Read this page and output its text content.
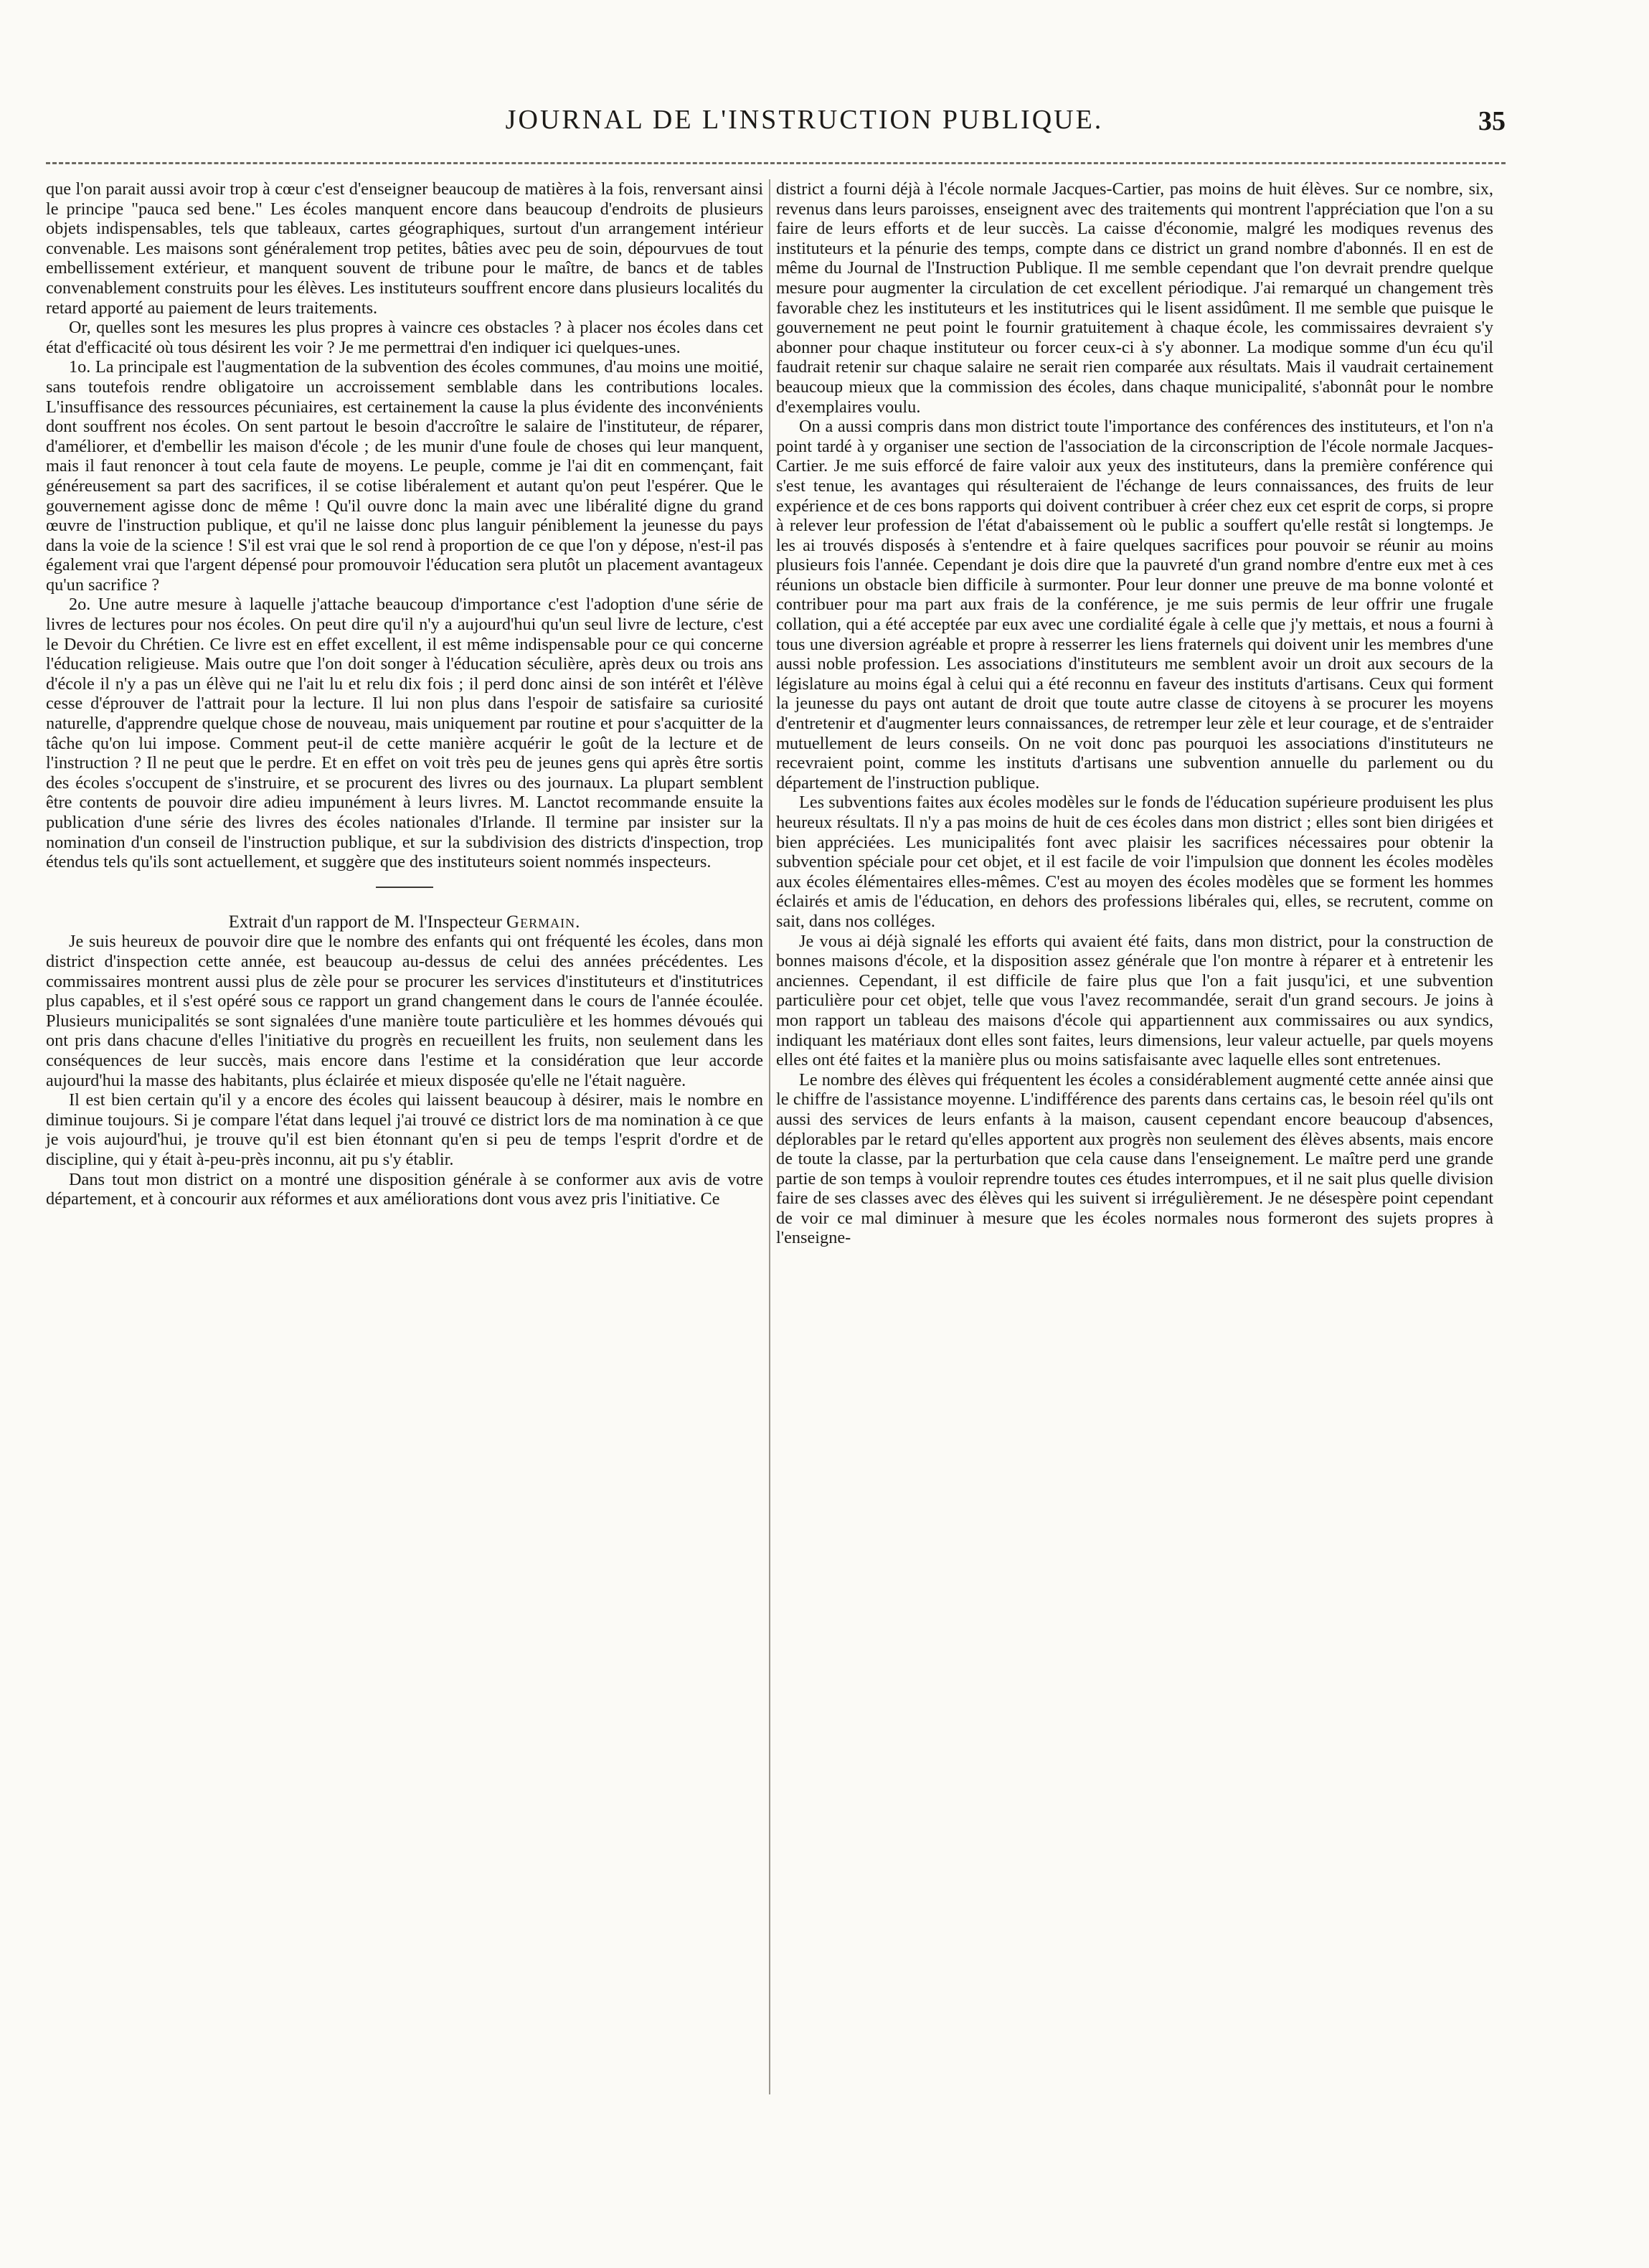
JOURNAL DE L'INSTRUCTION PUBLIQUE.	35

que l'on parait aussi avoir trop à cœur c'est d'enseigner beaucoup de matières à la fois, renversant ainsi le principe "pauca sed bene." Les écoles manquent encore dans beaucoup d'endroits de plusieurs objets indispensables, tels que tableaux, cartes géographiques, surtout d'un arrangement intérieur convenable. Les maisons sont généralement trop petites, bâties avec peu de soin, dépourvues de tout embellissement extérieur, et manquent souvent de tribune pour le maître, de bancs et de tables convenablement construits pour les élèves. Les instituteurs souffrent encore dans plusieurs localités du retard apporté au paiement de leurs traitements.

Or, quelles sont les mesures les plus propres à vaincre ces obstacles ? à placer nos écoles dans cet état d'efficacité où tous désirent les voir ? Je me permettrai d'en indiquer ici quelques-unes.

1o. La principale est l'augmentation de la subvention des écoles communes, d'au moins une moitié, sans toutefois rendre obligatoire un accroissement semblable dans les contributions locales. L'insuffisance des ressources pécuniaires, est certainement la cause la plus évidente des inconvénients dont souffrent nos écoles. On sent partout le besoin d'accroître le salaire de l'instituteur, de réparer, d'améliorer, et d'embellir les maison d'école ; de les munir d'une foule de choses qui leur manquent, mais il faut renoncer à tout cela faute de moyens. Le peuple, comme je l'ai dit en commençant, fait généreusement sa part des sacrifices, il se cotise libéralement et autant qu'on peut l'espérer. Que le gouvernement agisse donc de même ! Qu'il ouvre donc la main avec une libéralité digne du grand œuvre de l'instruction publique, et qu'il ne laisse donc plus languir péniblement la jeunesse du pays dans la voie de la science ! S'il est vrai que le sol rend à proportion de ce que l'on y dépose, n'est-il pas également vrai que l'argent dépensé pour promouvoir l'éducation sera plutôt un placement avantageux qu'un sacrifice ?

2o. Une autre mesure à laquelle j'attache beaucoup d'importance c'est l'adoption d'une série de livres de lectures pour nos écoles. On peut dire qu'il n'y a aujourd'hui qu'un seul livre de lecture, c'est le Devoir du Chrétien. Ce livre est en effet excellent, il est même indispensable pour ce qui concerne l'éducation religieuse. Mais outre que l'on doit songer à l'éducation séculière, après deux ou trois ans d'école il n'y a pas un élève qui ne l'ait lu et relu dix fois ; il perd donc ainsi de son intérêt et l'élève cesse d'éprouver de l'attrait pour la lecture. Il lui non plus dans l'espoir de satisfaire sa curiosité naturelle, d'apprendre quelque chose de nouveau, mais uniquement par routine et pour s'acquitter de la tâche qu'on lui impose. Comment peut-il de cette manière acquérir le goût de la lecture et de l'instruction ? Il ne peut que le perdre. Et en effet on voit très peu de jeunes gens qui après être sortis des écoles s'occupent de s'instruire, et se procurent des livres ou des journaux. La plupart semblent être contents de pouvoir dire adieu impunément à leurs livres. M. Lanctot recommande ensuite la publication d'une série des livres des écoles nationales d'Irlande. Il termine par insister sur la nomination d'un conseil de l'instruction publique, et sur la subdivision des districts d'inspection, trop étendus tels qu'ils sont actuellement, et suggère que des instituteurs soient nommés inspecteurs.

Extrait d'un rapport de M. l'Inspecteur Germain.

Je suis heureux de pouvoir dire que le nombre des enfants qui ont fréquenté les écoles, dans mon district d'inspection cette année, est beaucoup au-dessus de celui des années précédentes. Les commissaires montrent aussi plus de zèle pour se procurer les services d'instituteurs et d'institutrices plus capables, et il s'est opéré sous ce rapport un grand changement dans le cours de l'année écoulée. Plusieurs municipalités se sont signalées d'une manière toute particulière et les hommes dévoués qui ont pris dans chacune d'elles l'initiative du progrès en recueillent les fruits, non seulement dans les conséquences de leur succès, mais encore dans l'estime et la considération que leur accorde aujourd'hui la masse des habitants, plus éclairée et mieux disposée qu'elle ne l'était naguère.

Il est bien certain qu'il y a encore des écoles qui laissent beaucoup à désirer, mais le nombre en diminue toujours. Si je compare l'état dans lequel j'ai trouvé ce district lors de ma nomination à ce que je vois aujourd'hui, je trouve qu'il est bien étonnant qu'en si peu de temps l'esprit d'ordre et de discipline, qui y était à-peu-près inconnu, ait pu s'y établir.

Dans tout mon district on a montré une disposition générale à se conformer aux avis de votre département, et à concourir aux réformes et aux améliorations dont vous avez pris l'initiative. Ce

district a fourni déjà à l'école normale Jacques-Cartier, pas moins de huit élèves. Sur ce nombre, six, revenus dans leurs paroisses, enseignent avec des traitements qui montrent l'appréciation que l'on a su faire de leurs efforts et de leur succès. La caisse d'économie, malgré les modiques revenus des instituteurs et la pénurie des temps, compte dans ce district un grand nombre d'abonnés. Il en est de même du Journal de l'Instruction Publique. Il me semble cependant que l'on devrait prendre quelque mesure pour augmenter la circulation de cet excellent périodique. J'ai remarqué un changement très favorable chez les instituteurs et les institutrices qui le lisent assidûment. Il me semble que puisque le gouvernement ne peut point le fournir gratuitement à chaque école, les commissaires devraient s'y abonner pour chaque instituteur ou forcer ceux-ci à s'y abonner. La modique somme d'un écu qu'il faudrait retenir sur chaque salaire ne serait rien comparée aux résultats. Mais il vaudrait certainement beaucoup mieux que la commission des écoles, dans chaque municipalité, s'abonnât pour le nombre d'exemplaires voulu.

On a aussi compris dans mon district toute l'importance des conférences des instituteurs, et l'on n'a point tardé à y organiser une section de l'association de la circonscription de l'école normale Jacques-Cartier. Je me suis efforcé de faire valoir aux yeux des instituteurs, dans la première conférence qui s'est tenue, les avantages qui résulteraient de l'échange de leurs connaissances, des fruits de leur expérience et de ces bons rapports qui doivent contribuer à créer chez eux cet esprit de corps, si propre à relever leur profession de l'état d'abaissement où le public a souffert qu'elle restât si longtemps. Je les ai trouvés disposés à s'entendre et à faire quelques sacrifices pour pouvoir se réunir au moins plusieurs fois l'année. Cependant je dois dire que la pauvreté d'un grand nombre d'entre eux met à ces réunions un obstacle bien difficile à surmonter. Pour leur donner une preuve de ma bonne volonté et contribuer pour ma part aux frais de la conférence, je me suis permis de leur offrir une frugale collation, qui a été acceptée par eux avec une cordialité égale à celle que j'y mettais, et nous a fourni à tous une diversion agréable et propre à resserrer les liens fraternels qui doivent unir les membres d'une aussi noble profession. Les associations d'instituteurs me semblent avoir un droit aux secours de la législature au moins égal à celui qui a été reconnu en faveur des instituts d'artisans. Ceux qui forment la jeunesse du pays ont autant de droit que toute autre classe de citoyens à se procurer les moyens d'entretenir et d'augmenter leurs connaissances, de retremper leur zèle et leur courage, et de s'entraider mutuellement de leurs conseils. On ne voit donc pas pourquoi les associations d'instituteurs ne recevraient point, comme les instituts d'artisans une subvention annuelle du parlement ou du département de l'instruction publique.

Les subventions faites aux écoles modèles sur le fonds de l'éducation supérieure produisent les plus heureux résultats. Il n'y a pas moins de huit de ces écoles dans mon district ; elles sont bien dirigées et bien appréciées. Les municipalités font avec plaisir les sacrifices nécessaires pour obtenir la subvention spéciale pour cet objet, et il est facile de voir l'impulsion que donnent les écoles modèles aux écoles élémentaires elles-mêmes. C'est au moyen des écoles modèles que se forment les hommes éclairés et amis de l'éducation, en dehors des professions libérales qui, elles, se recrutent, comme on sait, dans nos colléges.

Je vous ai déjà signalé les efforts qui avaient été faits, dans mon district, pour la construction de bonnes maisons d'école, et la disposition assez générale que l'on montre à réparer et à entretenir les anciennes. Cependant, il est difficile de faire plus que l'on a fait jusqu'ici, et une subvention particulière pour cet objet, telle que vous l'avez recommandée, serait d'un grand secours. Je joins à mon rapport un tableau des maisons d'école qui appartiennent aux commissaires ou aux syndics, indiquant les matériaux dont elles sont faites, leurs dimensions, leur valeur actuelle, par quels moyens elles ont été faites et la manière plus ou moins satisfaisante avec laquelle elles sont entretenues.

Le nombre des élèves qui fréquentent les écoles a considérablement augmenté cette année ainsi que le chiffre de l'assistance moyenne. L'indifférence des parents dans certains cas, le besoin réel qu'ils ont aussi des services de leurs enfants à la maison, causent cependant encore beaucoup d'absences, déplorables par le retard qu'elles apportent aux progrès non seulement des élèves absents, mais encore de toute la classe, par la perturbation que cela cause dans l'enseignement. Le maître perd une grande partie de son temps à vouloir reprendre toutes ces études interrompues, et il ne sait plus quelle division faire de ses classes avec des élèves qui les suivent si irrégulièrement. Je ne désespère point cependant de voir ce mal diminuer à mesure que les écoles normales nous formeront des sujets propres à l'enseigne-
